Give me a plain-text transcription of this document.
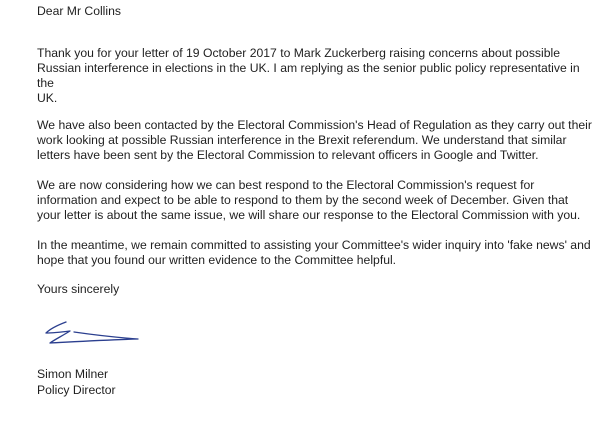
Dear Mr Collins

Thank you for your letter of 19 October 2017 to Mark Zuckerberg raising concerns about possible
Russian interference in elections in the UK. I am replying as the senior public policy representative in the
UK.

We have also been contacted by the Electoral Commission's Head of Regulation as they carry out their
work looking at possible Russian interference in the Brexit referendum. We understand that similar
letters have been sent by the Electoral Commission to relevant officers in Google and Twitter.

We are now considering how we can best respond to the Electoral Commission's request for
information and expect to be able to respond to them by the second week of December. Given that
your letter is about the same issue, we will share our response to the Electoral Commission with you.

In the meantime, we remain committed to assisting your Committee's wider inquiry into 'fake news' and
hope that you found our written evidence to the Committee helpful.

Yours sincerely

Simon Milner

Policy Director
